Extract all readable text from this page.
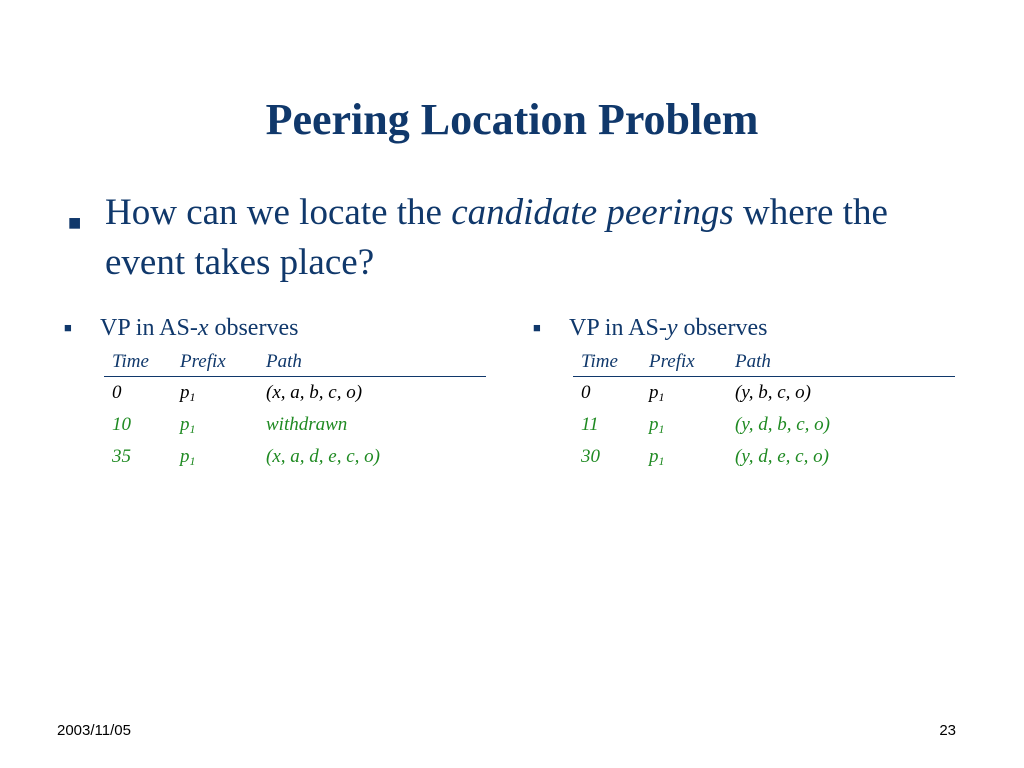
Peering Location Problem
■ How can we locate the candidate peerings where the event takes place?
■ VP in AS-x observes
Time	Prefix	Path
0	$p_1$	(x, a, b, c, o)
10	$p_1$	withdrawn
35	$p_1$	(x, a, d, e, c, o)
■ VP in AS-y observes
Time	Prefix	Path
0	$p_1$	(y, b, c, o)
11	$p_1$	(y, d, b, c, o)
30	$p_1$	(y, d, e, c, o)
2003/11/05	23
